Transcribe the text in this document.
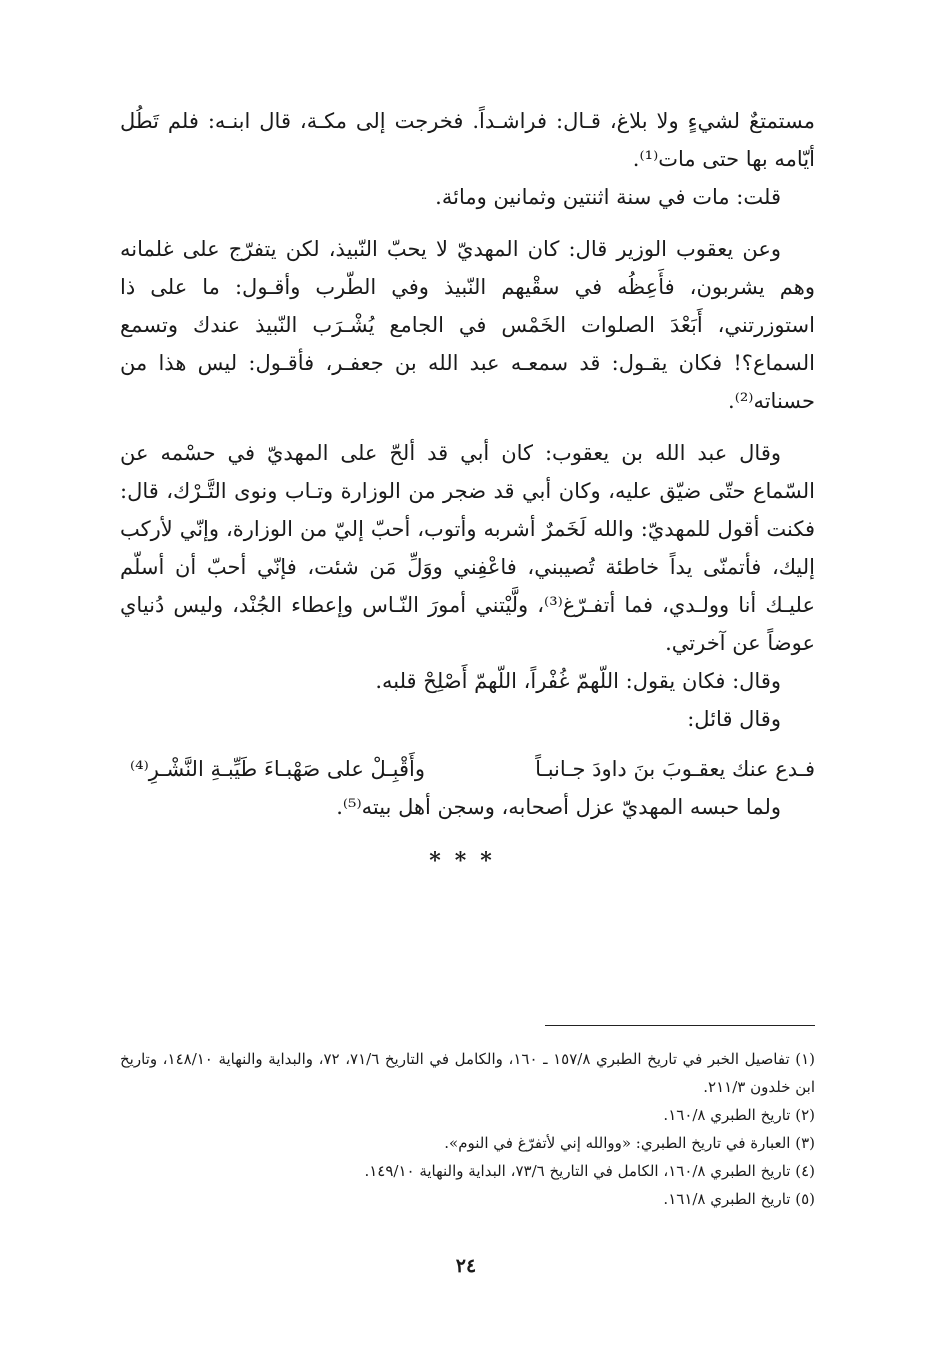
مستمتعٌ لشيءٍ ولا بلاغ، قـال: فراشـداً. فخرجت إلى مكـة، قال ابنـه: فلم تَطُل أيّامه بها حتى مات⁽¹⁾.

قلت: مات في سنة اثنتين وثمانين ومائة.

وعن يعقوب الوزير قال: كان المهديّ لا يحبّ النّبيذ، لكن يتفرّج على غلمانه وهم يشربون، فأَعِظُه في سقْيهم النّبيذ وفي الطّرب وأقـول: ما على ذا استوزرتني، أَبَعْدَ الصلوات الخَمْس في الجامع يُشْـرَب النّبيذ عندك وتسمع السماع؟! فكان يقـول: قد سمعـه عبد الله بن جعفـر، فأقـول: ليس هذا من حسناته⁽²⁾.

وقال عبد الله بن يعقوب: كان أبي قد ألحّ على المهديّ في حسْمه عن السّماع حتّى ضيّق عليه، وكان أبي قد ضجر من الوزارة وتـاب ونوى التَّـرْك، قال: فكنت أقول للمهديّ: والله لَخَمرٌ أشربه وأتوب، أحبّ إليّ من الوزارة، وإنّي لأركب إليك، فأتمنّى يداً خاطئة تُصيبني، فاعْفِني ووَلِّ مَن شئت، فإنّي أحبّ أن أسلّم عليـك أنا وولـدي، فما أتفـرّغ⁽³⁾، ولَّيْتني أمورَ النّـاس وإعطاء الجُنْد، وليس دُنياي عوضاً عن آخرتي.

وقال: فكان يقول: اللّهمّ غُفْراً، اللّهمّ أَصْلِحْ قلبه.

وقال قائل:

فـدع عنك يعقـوبَ بنَ داودَ جـانبـاً
وأَقْبِـلْ على صَهْبـاءَ طَيِّبـةِ النَّشْـرِ⁽⁴⁾

ولما حبسه المهديّ عزل أصحابه، وسجن أهل بيته⁽⁵⁾.

***

(١) تفاصيل الخبر في تاريخ الطبري ١٥٧/٨ ـ ١٦٠، والكامل في التاريخ ٧١/٦، ٧٢، والبداية والنهاية ١٤٨/١٠، وتاريخ ابن خلدون ٢١١/٣.

(٢) تاريخ الطبري ١٦٠/٨.

(٣) العبارة في تاريخ الطبري: «ووالله إني لأتفرّغ في النوم».

(٤) تاريخ الطبري ١٦٠/٨، الكامل في التاريخ ٧٣/٦، البداية والنهاية ١٤٩/١٠.

(٥) تاريخ الطبري ١٦١/٨.

٢٤
